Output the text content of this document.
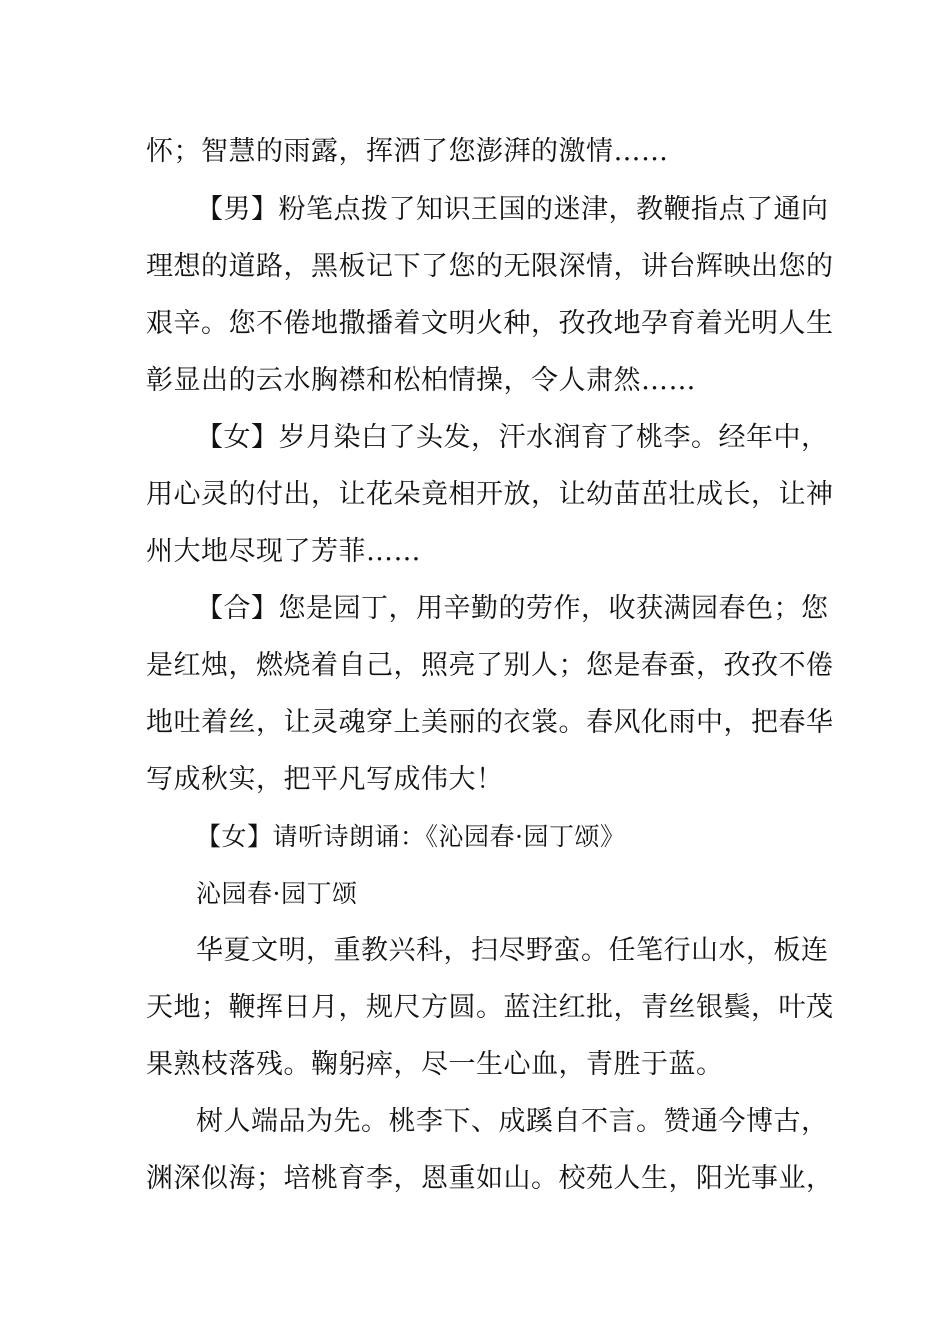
怀；智慧的雨露，挥洒了您澎湃的激情……
【男】粉笔点拨了知识王国的迷津，教鞭指点了通向
理想的道路，黑板记下了您的无限深情，讲台辉映出您的
艰辛。您不倦地撒播着文明火种，孜孜地孕育着光明人生
彰显出的云水胸襟和松柏情操，令人肃然……
【女】岁月染白了头发，汗水润育了桃李。经年中，
用心灵的付出，让花朵竟相开放，让幼苗茁壮成长，让神
州大地尽现了芳菲……
【合】您是园丁，用辛勤的劳作，收获满园春色；您
是红烛，燃烧着自己，照亮了别人；您是春蚕，孜孜不倦
地吐着丝，让灵魂穿上美丽的衣裳。春风化雨中，把春华
写成秋实，把平凡写成伟大！
【女】请听诗朗诵：《沁园春·园丁颂》
沁园春·园丁颂
华夏文明，重教兴科，扫尽野蛮。任笔行山水，板连
天地；鞭挥日月，规尺方圆。蓝注红批，青丝银鬓，叶茂
果熟枝落残。鞠躬瘁，尽一生心血，青胜于蓝。
树人端品为先。桃李下、成蹊自不言。赞通今博古，
渊深似海；培桃育李，恩重如山。校苑人生，阳光事业，
